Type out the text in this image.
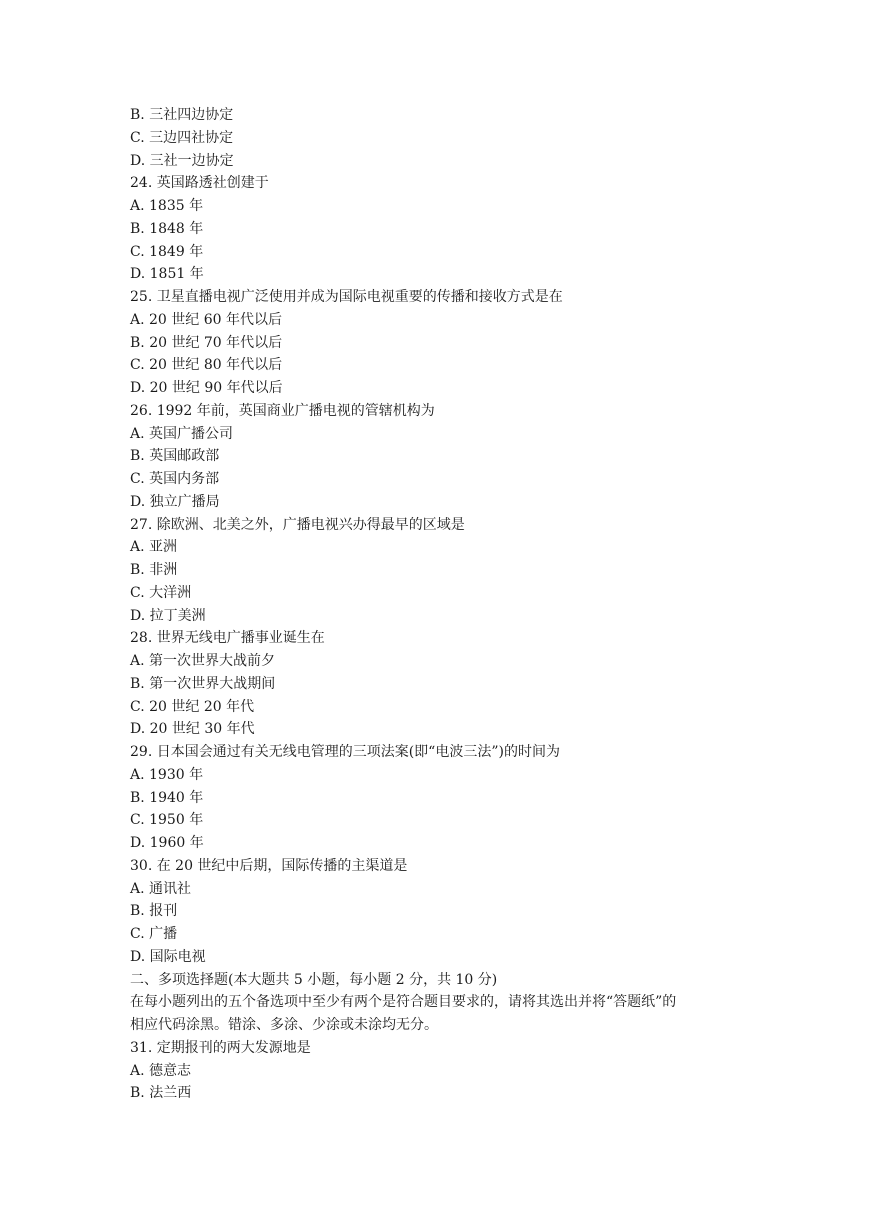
B. 三社四边协定
C. 三边四社协定
D. 三社一边协定
24. 英国路透社创建于
A. 1835 年
B. 1848 年
C. 1849 年
D. 1851 年
25. 卫星直播电视广泛使用并成为国际电视重要的传播和接收方式是在
A. 20 世纪 60 年代以后
B. 20 世纪 70 年代以后
C. 20 世纪 80 年代以后
D. 20 世纪 90 年代以后
26. 1992 年前，英国商业广播电视的管辖机构为
A. 英国广播公司
B. 英国邮政部
C. 英国内务部
D. 独立广播局
27. 除欧洲、北美之外，广播电视兴办得最早的区域是
A. 亚洲
B. 非洲
C. 大洋洲
D. 拉丁美洲
28. 世界无线电广播事业诞生在
A. 第一次世界大战前夕
B. 第一次世界大战期间
C. 20 世纪 20 年代
D. 20 世纪 30 年代
29. 日本国会通过有关无线电管理的三项法案(即“电波三法”)的时间为
A. 1930 年
B. 1940 年
C. 1950 年
D. 1960 年
30. 在 20 世纪中后期，国际传播的主渠道是
A. 通讯社
B. 报刊
C. 广播
D. 国际电视
二、多项选择题(本大题共 5 小题，每小题 2 分，共 10 分)
在每小题列出的五个备选项中至少有两个是符合题目要求的，请将其选出并将“答题纸”的
相应代码涂黑。错涂、多涂、少涂或未涂均无分。
31. 定期报刊的两大发源地是
A. 德意志
B. 法兰西
